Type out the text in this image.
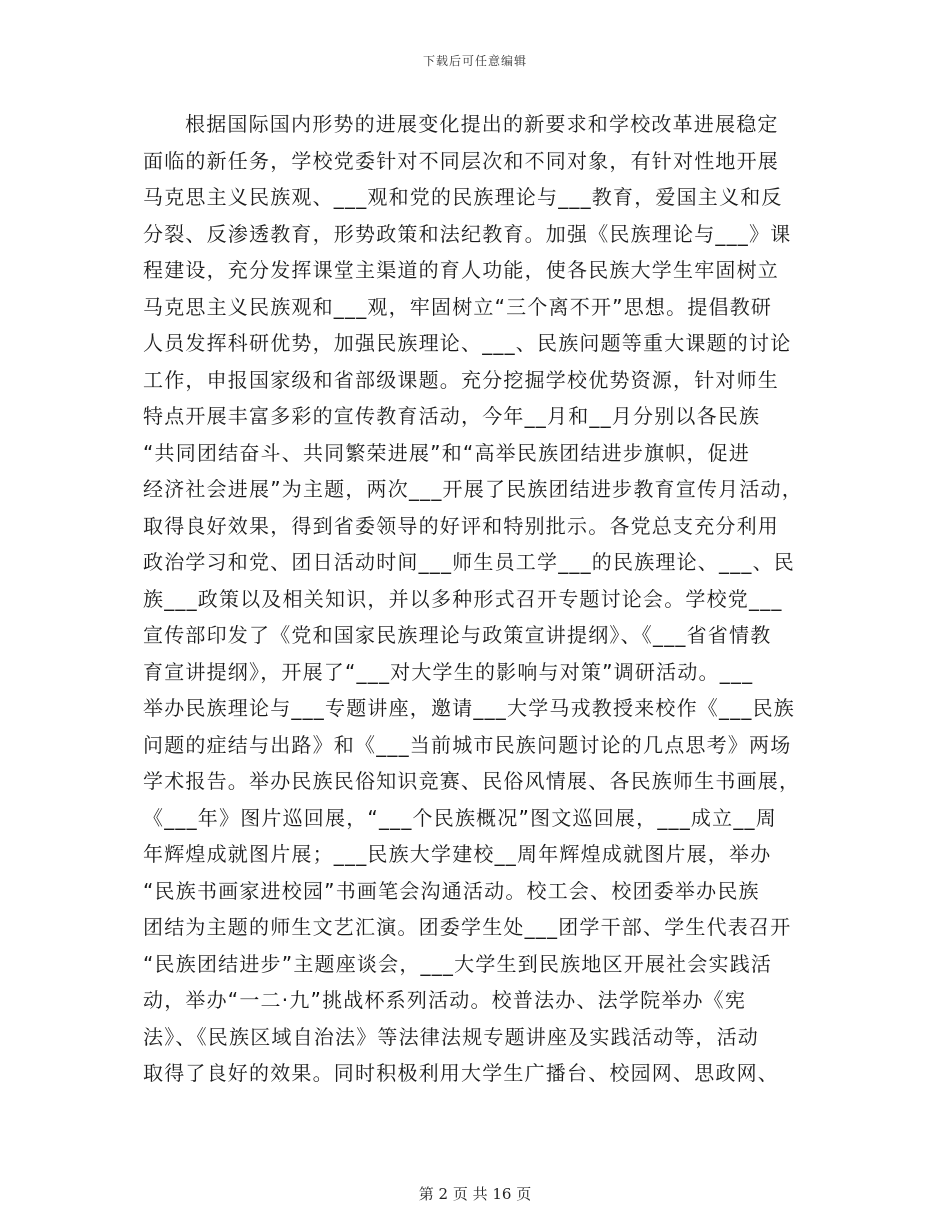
下载后可任意编辑
根据国际国内形势的进展变化提出的新要求和学校改革进展稳定
面临的新任务，学校党委针对不同层次和不同对象，有针对性地开展
马克思主义民族观、___观和党的民族理论与___教育，爱国主义和反
分裂、反渗透教育，形势政策和法纪教育。加强《民族理论与___》课
程建设，充分发挥课堂主渠道的育人功能，使各民族大学生牢固树立
马克思主义民族观和___观，牢固树立“三个离不开”思想。提倡教研
人员发挥科研优势，加强民族理论、___、民族问题等重大课题的讨论
工作，申报国家级和省部级课题。充分挖掘学校优势资源，针对师生
特点开展丰富多彩的宣传教育活动，今年__月和__月分别以各民族
“共同团结奋斗、共同繁荣进展”和“高举民族团结进步旗帜，促进
经济社会进展”为主题，两次___开展了民族团结进步教育宣传月活动，
取得良好效果，得到省委领导的好评和特别批示。各党总支充分利用
政治学习和党、团日活动时间___师生员工学___的民族理论、___、民
族___政策以及相关知识，并以多种形式召开专题讨论会。学校党___
宣传部印发了《党和国家民族理论与政策宣讲提纲》、《___省省情教
育宣讲提纲》，开展了“___对大学生的影响与对策”调研活动。___
举办民族理论与___专题讲座，邀请___大学马戎教授来校作《___民族
问题的症结与出路》和《___当前城市民族问题讨论的几点思考》两场
学术报告。举办民族民俗知识竞赛、民俗风情展、各民族师生书画展，
《___年》图片巡回展，“___个民族概况”图文巡回展，___成立__周
年辉煌成就图片展；___民族大学建校__周年辉煌成就图片展，举办
“民族书画家进校园”书画笔会沟通活动。校工会、校团委举办民族
团结为主题的师生文艺汇演。团委学生处___团学干部、学生代表召开
“民族团结进步”主题座谈会，___大学生到民族地区开展社会实践活
动，举办“一二·九”挑战杯系列活动。校普法办、法学院举办《宪
法》、《民族区域自治法》等法律法规专题讲座及实践活动等，活动
取得了良好的效果。同时积极利用大学生广播台、校园网、思政网、
第 2 页 共 16 页
